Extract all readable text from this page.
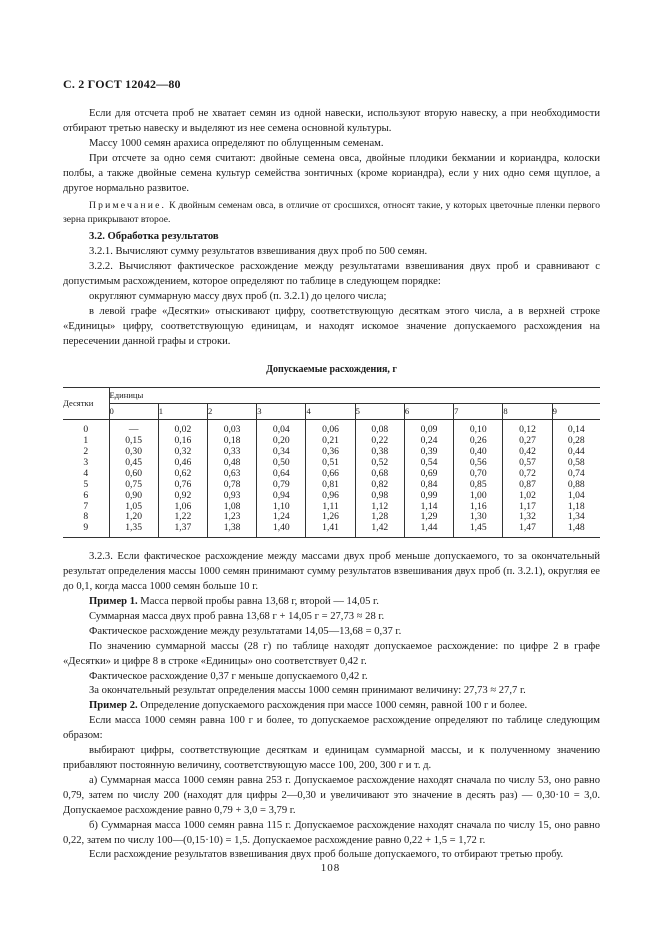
С. 2 ГОСТ 12042—80

Если для отсчета проб не хватает семян из одной навески, используют вторую навеску, а при необходимости отбирают третью навеску и выделяют из нее семена основной культуры.

Массу 1000 семян арахиса определяют по облущенным семенам.

При отсчете за одно семя считают: двойные семена овса, двойные плодики бекмании и кориандра, колоски полбы, а также двойные семена культур семейства зонтичных (кроме кориандра), если у них одно семя щуплое, а другое нормально развитое.

Примечание. К двойным семенам овса, в отличие от сросшихся, относят такие, у которых цветочные пленки первого зерна прикрывают второе.

3.2. Обработка результатов

3.2.1. Вычисляют сумму результатов взвешивания двух проб по 500 семян.

3.2.2. Вычисляют фактическое расхождение между результатами взвешивания двух проб и сравнивают с допустимым расхождением, которое определяют по таблице в следующем порядке:

округляют суммарную массу двух проб (п. 3.2.1) до целого числа;

в левой графе «Десятки» отыскивают цифру, соответствующую десяткам этого числа, а в верхней строке «Единицы» цифру, соответствующую единицам, и находят искомое значение допускаемого расхождения на пересечении данной графы и строки.

Допускаемые расхождения, г

Десятки	Единицы									
	0	1	2	3	4	5	6	7	8	9
0	—	0,02	0,03	0,04	0,06	0,08	0,09	0,10	0,12	0,14
1	0,15	0,16	0,18	0,20	0,21	0,22	0,24	0,26	0,27	0,28
2	0,30	0,32	0,33	0,34	0,36	0,38	0,39	0,40	0,42	0,44
3	0,45	0,46	0,48	0,50	0,51	0,52	0,54	0,56	0,57	0,58
4	0,60	0,62	0,63	0,64	0,66	0,68	0,69	0,70	0,72	0,74
5	0,75	0,76	0,78	0,79	0,81	0,82	0,84	0,85	0,87	0,88
6	0,90	0,92	0,93	0,94	0,96	0,98	0,99	1,00	1,02	1,04
7	1,05	1,06	1,08	1,10	1,11	1,12	1,14	1,16	1,17	1,18
8	1,20	1,22	1,23	1,24	1,26	1,28	1,29	1,30	1,32	1,34
9	1,35	1,37	1,38	1,40	1,41	1,42	1,44	1,45	1,47	1,48

3.2.3. Если фактическое расхождение между массами двух проб меньше допускаемого, то за окончательный результат определения массы 1000 семян принимают сумму результатов взвешивания двух проб (п. 3.2.1), округляя ее до 0,1, когда масса 1000 семян больше 10 г.

Пример 1. Масса первой пробы равна 13,68 г, второй — 14,05 г.

Суммарная масса двух проб равна 13,68 г + 14,05 г = 27,73 ≈ 28 г.

Фактическое расхождение между результатами 14,05—13,68 = 0,37 г.

По значению суммарной массы (28 г) по таблице находят допускаемое расхождение: по цифре 2 в графе «Десятки» и цифре 8 в строке «Единицы» оно соответствует 0,42 г.

Фактическое расхождение 0,37 г меньше допускаемого 0,42 г.

За окончательный результат определения массы 1000 семян принимают величину: 27,73 ≈ 27,7 г.

Пример 2. Определение допускаемого расхождения при массе 1000 семян, равной 100 г и более.

Если масса 1000 семян равна 100 г и более, то допускаемое расхождение определяют по таблице следующим образом:

выбирают цифры, соответствующие десяткам и единицам суммарной массы, и к полученному значению прибавляют постоянную величину, соответствующую массе 100, 200, 300 г и т. д.

а) Суммарная масса 1000 семян равна 253 г. Допускаемое расхождение находят сначала по числу 53, оно равно 0,79, затем по числу 200 (находят для цифры 2—0,30 и увеличивают это значение в десять раз) — 0,30·10 = 3,0. Допускаемое расхождение равно 0,79 + 3,0 = 3,79 г.

б) Суммарная масса 1000 семян равна 115 г. Допускаемое расхождение находят сначала по числу 15, оно равно 0,22, затем по числу 100—(0,15·10) = 1,5. Допускаемое расхождение равно 0,22 + 1,5 = 1,72 г.

Если расхождение результатов взвешивания двух проб больше допускаемого, то отбирают третью пробу.

108
